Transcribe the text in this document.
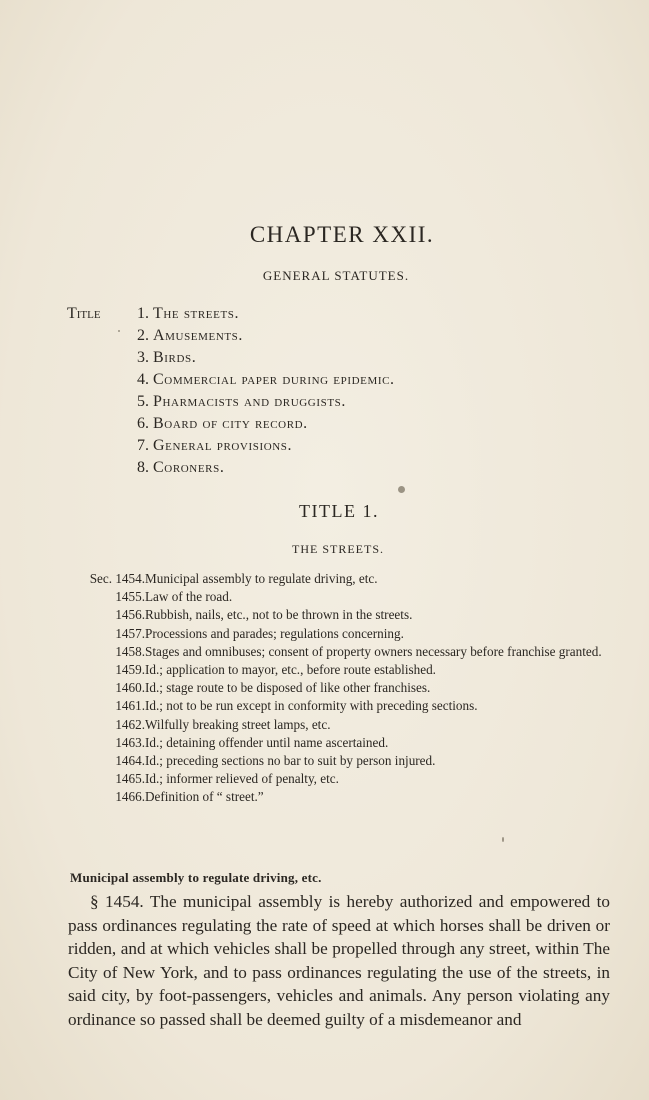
CHAPTER XXII.
GENERAL STATUTES.
Title	1. The streets.
2. Amusements.
3. Birds.
4. Commercial paper during epidemic.
5. Pharmacists and druggists.
6. Board of city record.
7. General provisions.
8. Coroners.
TITLE 1.
THE STREETS.
Sec. 1454. Municipal assembly to regulate driving, etc.
1455. Law of the road.
1456. Rubbish, nails, etc., not to be thrown in the streets.
1457. Processions and parades; regulations concerning.
1458. Stages and omnibuses; consent of property owners necessary before franchise granted.
1459. Id.; application to mayor, etc., before route established.
1460. Id.; stage route to be disposed of like other franchises.
1461. Id.; not to be run except in conformity with preceding sections.
1462. Wilfully breaking street lamps, etc.
1463. Id.; detaining offender until name ascertained.
1464. Id.; preceding sections no bar to suit by person injured.
1465. Id.; informer relieved of penalty, etc.
1466. Definition of “ street.”
Municipal assembly to regulate driving, etc.
§ 1454. The municipal assembly is hereby authorized and empowered to pass ordinances regulating the rate of speed at which horses shall be driven or ridden, and at which vehicles shall be propelled through any street, within The City of New York, and to pass ordinances regulating the use of the streets, in said city, by foot-passengers, vehicles and animals. Any person violating any ordinance so passed shall be deemed guilty of a misdemeanor and
